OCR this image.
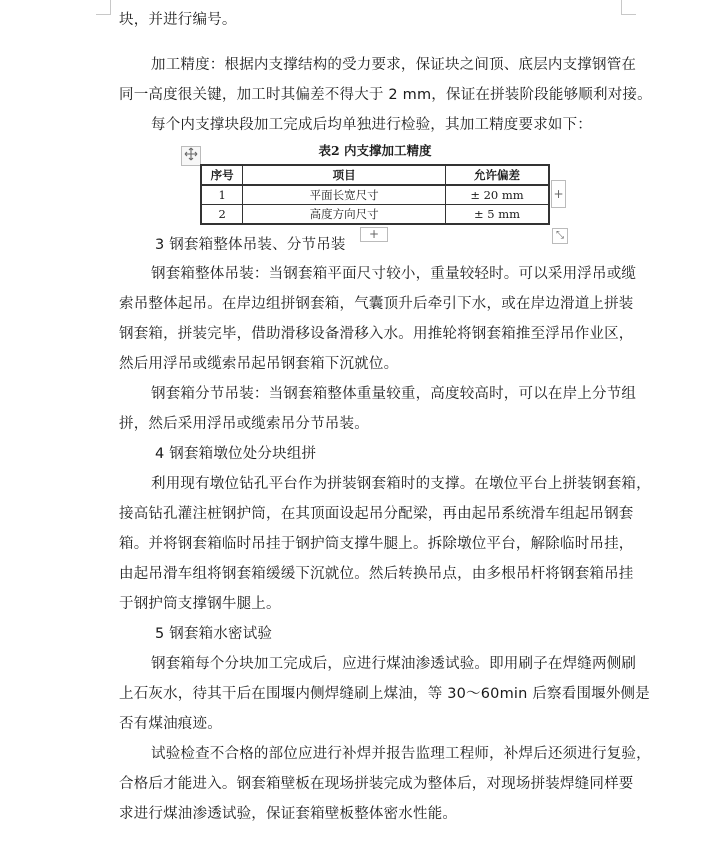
块，并进行编号。
加工精度：根据内支撑结构的受力要求，保证块之间顶、底层内支撑钢管在
同一高度很关键，加工时其偏差不得大于 2 mm，保证在拼装阶段能够顺利对接。
每个内支撑块段加工完成后均单独进行检验，其加工精度要求如下：
3 钢套箱整体吊装、分节吊装
钢套箱整体吊装：当钢套箱平面尺寸较小，重量较轻时。可以采用浮吊或缆
索吊整体起吊。在岸边组拼钢套箱，气囊顶升后牵引下水，或在岸边滑道上拼装
钢套箱，拼装完毕，借助滑移设备滑移入水。用推轮将钢套箱推至浮吊作业区，
然后用浮吊或缆索吊起吊钢套箱下沉就位。
钢套箱分节吊装：当钢套箱整体重量较重，高度较高时，可以在岸上分节组
拼，然后采用浮吊或缆索吊分节吊装。
4 钢套箱墩位处分块组拼
利用现有墩位钻孔平台作为拼装钢套箱时的支撑。在墩位平台上拼装钢套箱，
接高钻孔灌注桩钢护筒，在其顶面设起吊分配梁，再由起吊系统滑车组起吊钢套
箱。并将钢套箱临时吊挂于钢护筒支撑牛腿上。拆除墩位平台，解除临时吊挂，
由起吊滑车组将钢套箱缓缓下沉就位。然后转换吊点，由多根吊杆将钢套箱吊挂
于钢护筒支撑钢牛腿上。
5 钢套箱水密试验
钢套箱每个分块加工完成后，应进行煤油渗透试验。即用刷子在焊缝两侧刷
上石灰水，待其干后在围堰内侧焊缝刷上煤油，等 30～60min 后察看围堰外侧是
否有煤油痕迹。
试验检查不合格的部位应进行补焊并报告监理工程师，补焊后还须进行复验，
合格后才能进入。钢套箱壁板在现场拼装完成为整体后，对现场拼装焊缝同样要
求进行煤油渗透试验，保证套箱壁板整体密水性能。
表2 内支撑加工精度
序号	项目	允许偏差
1	平面长宽尺寸	± 20 mm
2	高度方向尺寸	± 5 mm
+
+
⤡
